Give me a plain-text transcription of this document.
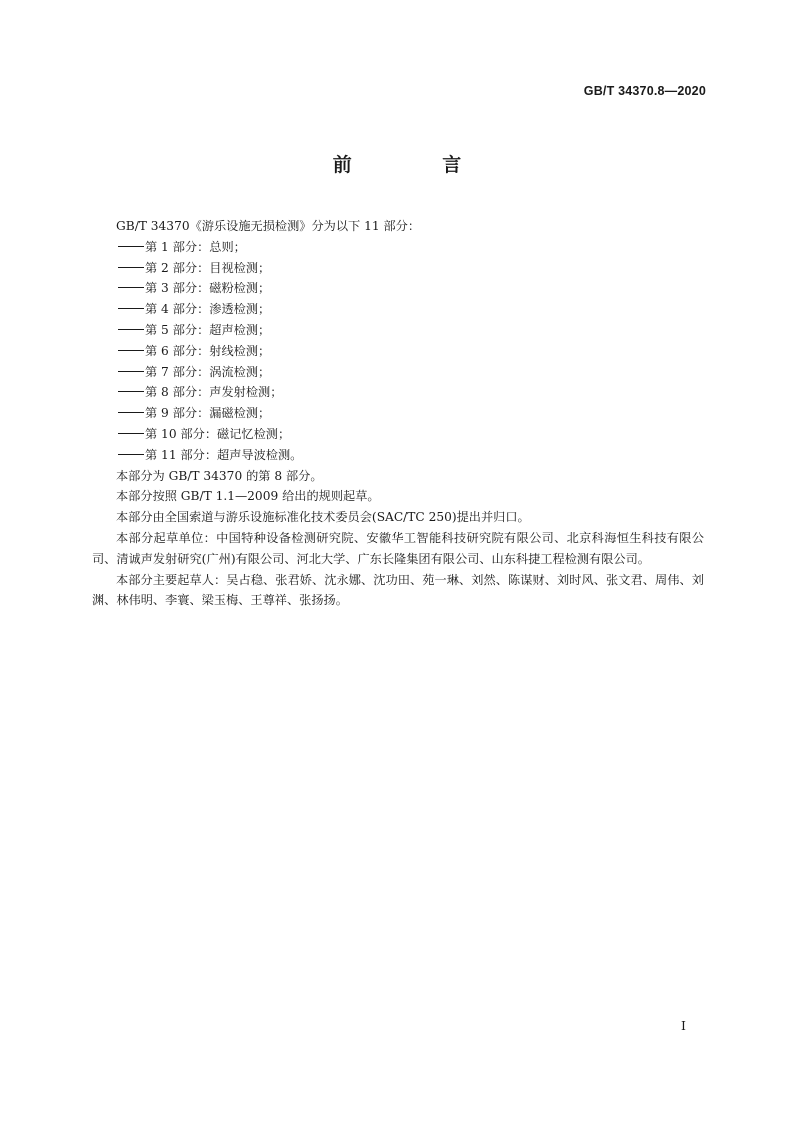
GB/T 34370.8—2020
前 言

GB/T 34370《游乐设施无损检测》分为以下 11 部分：

第 1 部分：总则；

第 2 部分：目视检测；

第 3 部分：磁粉检测；

第 4 部分：渗透检测；

第 5 部分：超声检测；

第 6 部分：射线检测；

第 7 部分：涡流检测；

第 8 部分：声发射检测；

第 9 部分：漏磁检测；

第 10 部分：磁记忆检测；

第 11 部分：超声导波检测。

本部分为 GB/T 34370 的第 8 部分。

本部分按照 GB/T 1.1—2009 给出的规则起草。

本部分由全国索道与游乐设施标准化技术委员会(SAC/TC 250)提出并归口。

本部分起草单位：中国特种设备检测研究院、安徽华工智能科技研究院有限公司、北京科海恒生科技有限公司、清诚声发射研究(广州)有限公司、河北大学、广东长隆集团有限公司、山东科捷工程检测有限公司。

本部分主要起草人：吴占稳、张君娇、沈永娜、沈功田、苑一琳、刘然、陈谋财、刘时风、张文君、周伟、刘渊、林伟明、李寰、梁玉梅、王尊祥、张扬扬。

I
